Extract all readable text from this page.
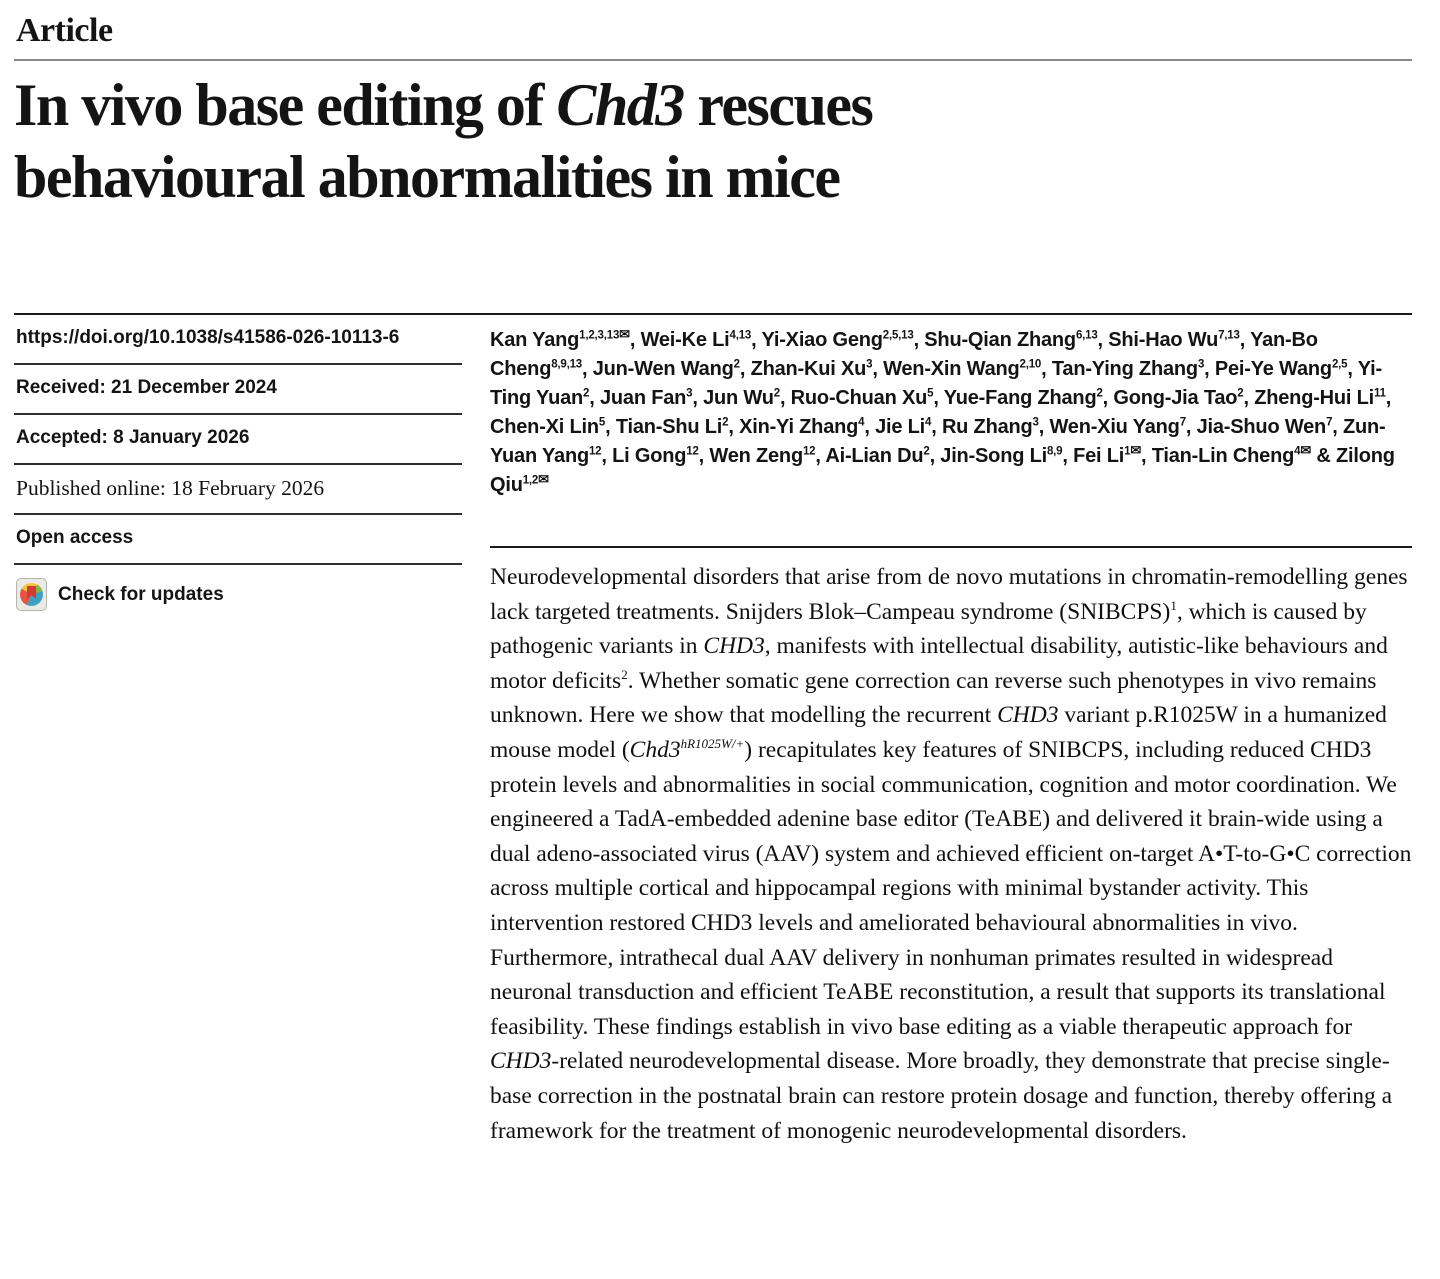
Article
In vivo base editing of Chd3 rescues
behavioural abnormalities in mice
https://doi.org/10.1038/s41586-026-10113-6
Received: 21 December 2024
Accepted: 8 January 2026
Published online: 18 February 2026
Open access
Check for updates
Kan Yang$^{1,2,3,13✉}$, Wei-Ke Li$^{4,13}$, Yi-Xiao Geng$^{2,5,13}$, Shu-Qian Zhang$^{6,13}$, Shi-Hao Wu$^{7,13}$, Yan-Bo Cheng$^{8,9,13}$, Jun-Wen Wang$^2$, Zhan-Kui Xu$^3$, Wen-Xin Wang$^{2,10}$, Tan-Ying Zhang$^3$, Pei-Ye Wang$^{2,5}$, Yi-Ting Yuan$^2$, Juan Fan$^3$, Jun Wu$^2$, Ruo-Chuan Xu$^5$, Yue-Fang Zhang$^2$, Gong-Jia Tao$^2$, Zheng-Hui Li$^{11}$, Chen-Xi Lin$^5$, Tian-Shu Li$^2$, Xin-Yi Zhang$^4$, Jie Li$^4$, Ru Zhang$^3$, Wen-Xiu Yang$^7$, Jia-Shuo Wen$^7$, Zun-Yuan Yang$^{12}$, Li Gong$^{12}$, Wen Zeng$^{12}$, Ai-Lian Du$^2$, Jin-Song Li$^{8,9}$, Fei $Li^{1✉}$, Tian-Lin Cheng$^{4✉}$ & Zilong Qiu$^{1,2✉}$

Neurodevelopmental disorders that arise from de novo mutations in chromatin-remodelling genes lack targeted treatments. Snijders Blok–Campeau syndrome (SNIBCPS)$^1$, which is caused by pathogenic variants in CHD3, manifests with intellectual disability, autistic-like behaviours and motor deficits$^2$. Whether somatic gene correction can reverse such phenotypes in vivo remains unknown. Here we show that modelling the recurrent CHD3 variant p.R1025W in a humanized mouse model $(Chd3^{hR1025W/+})$ recapitulates key features of SNIBCPS, including reduced CHD3 protein levels and abnormalities in social communication, cognition and motor coordination. We engineered a TadA-embedded adenine base editor (TeABE) and delivered it brain-wide using a dual adeno-associated virus (AAV) system and achieved efficient on-target A•T-to-G•C correction across multiple cortical and hippocampal regions with minimal bystander activity. This intervention restored CHD3 levels and ameliorated behavioural abnormalities in vivo. Furthermore, intrathecal dual AAV delivery in nonhuman primates resulted in widespread neuronal transduction and efficient TeABE reconstitution, a result that supports its translational feasibility. These findings establish in vivo base editing as a viable therapeutic approach for CHD3-related neurodevelopmental disease. More broadly, they demonstrate that precise single-base correction in the postnatal brain can restore protein dosage and function, thereby offering a framework for the treatment of monogenic neurodevelopmental disorders.
